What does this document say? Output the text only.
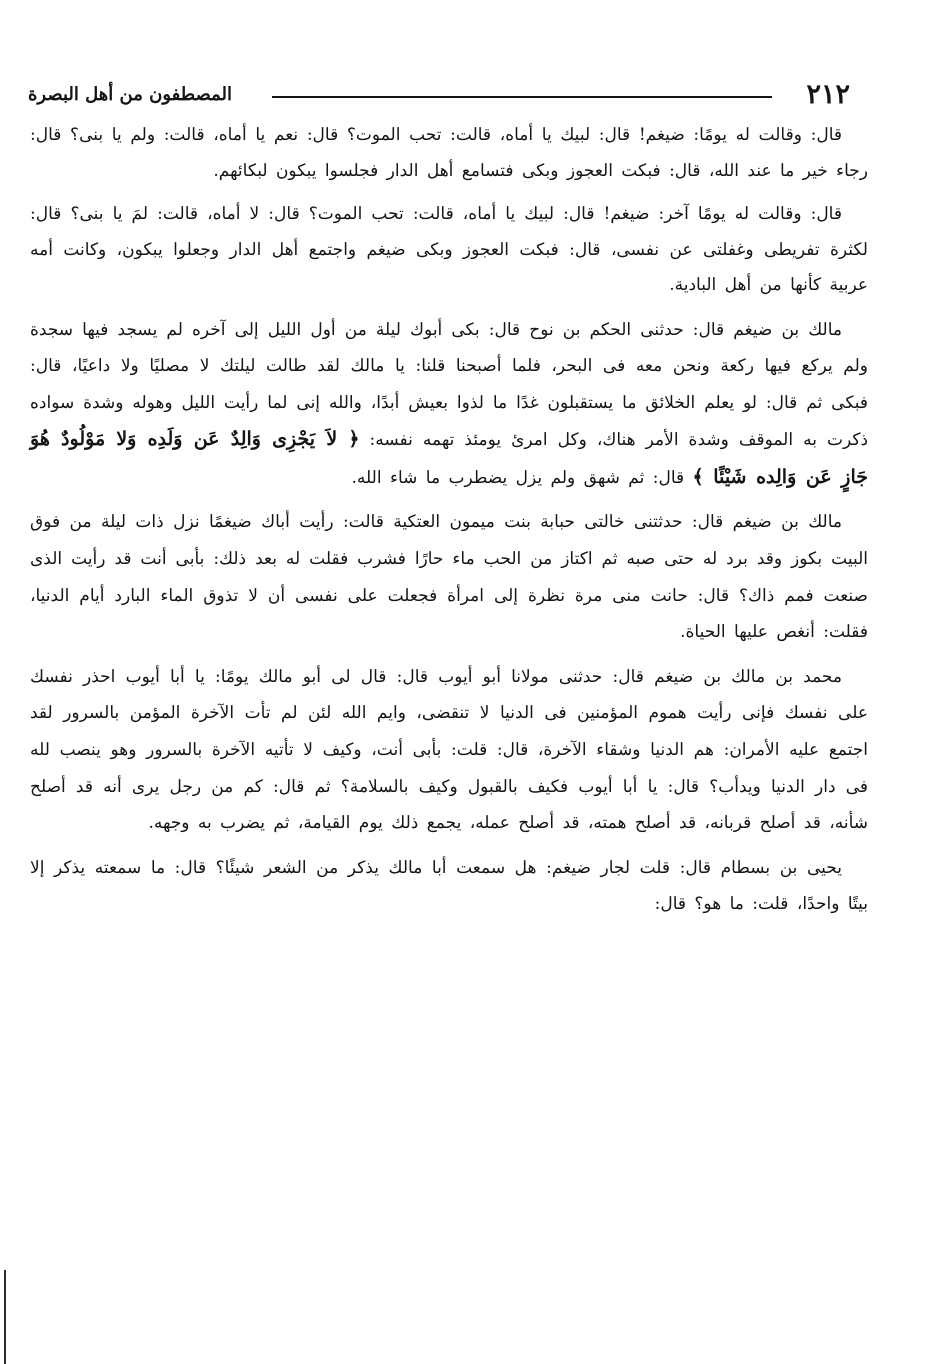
٢١٢
المصطفون من أهل البصرة

قال: وقالت له يومًا: ضيغم! قال: لبيك يا أماه، قالت: تحب الموت؟ قال: نعم يا أماه، قالت: ولم يا بنى؟ قال: رجاء خير ما عند الله، قال: فبكت العجوز وبكى فتسامع أهل الدار فجلسوا يبكون لبكائهم.

قال: وقالت له يومًا آخر: ضيغم! قال: لبيك يا أماه، قالت: تحب الموت؟ قال: لا أماه، قالت: لمَ يا بنى؟ قال: لكثرة تفريطى وغفلتى عن نفسى، قال: فبكت العجوز وبكى ضيغم واجتمع أهل الدار وجعلوا يبكون، وكانت أمه عربية كأنها من أهل البادية.

مالك بن ضيغم قال: حدثنى الحكم بن نوح قال: بكى أبوك ليلة من أول الليل إلى آخره لم يسجد فيها سجدة ولم يركع فيها ركعة ونحن معه فى البحر، فلما أصبحنا قلنا: يا مالك لقد طالت ليلتك لا مصليًا ولا داعيًا، قال: فبكى ثم قال: لو يعلم الخلائق ما يستقبلون غدًا ما لذوا بعيش أبدًا، والله إنى لما رأيت الليل وهوله وشدة سواده ذكرت به الموقف وشدة الأمر هناك، وكل امرئ يومئذ تهمه نفسه: ﴿ لاَ يَجْزِى وَالِدٌ عَن وَلَدِه وَلا مَوْلُودٌ هُوَ جَازٍ عَن وَالِده شَيْئًا ﴾ قال: ثم شهق ولم يزل يضطرب ما شاء الله.

مالك بن ضيغم قال: حدثتنى خالتى حبابة بنت ميمون العتكية قالت: رأيت أباك ضيغمًا نزل ذات ليلة من فوق البيت بكوز وقد برد له حتى صبه ثم اكتاز من الحب ماء حارًا فشرب فقلت له بعد ذلك: بأبى أنت قد رأيت الذى صنعت فمم ذاك؟ قال: حانت منى مرة نظرة إلى امرأة فجعلت على نفسى أن لا تذوق الماء البارد أيام الدنيا، فقلت: أنغص عليها الحياة.

محمد بن مالك بن ضيغم قال: حدثنى مولانا أبو أيوب قال: قال لى أبو مالك يومًا: يا أبا أيوب احذر نفسك على نفسك فإنى رأيت هموم المؤمنين فى الدنيا لا تنقضى، وايم الله لئن لم تأت الآخرة المؤمن بالسرور لقد اجتمع عليه الأمران: هم الدنيا وشقاء الآخرة، قال: قلت: بأبى أنت، وكيف لا تأتيه الآخرة بالسرور وهو ينصب لله فى دار الدنيا ويدأب؟ قال: يا أبا أيوب فكيف بالقبول وكيف بالسلامة؟ ثم قال: كم من رجل يرى أنه قد أصلح شأنه، قد أصلح قربانه، قد أصلح همته، قد أصلح عمله، يجمع ذلك يوم القيامة، ثم يضرب به وجهه.

يحيى بن بسطام قال: قلت لجار ضيغم: هل سمعت أبا مالك يذكر من الشعر شيئًا؟ قال: ما سمعته يذكر إلا بيتًا واحدًا، قلت: ما هو؟ قال:
